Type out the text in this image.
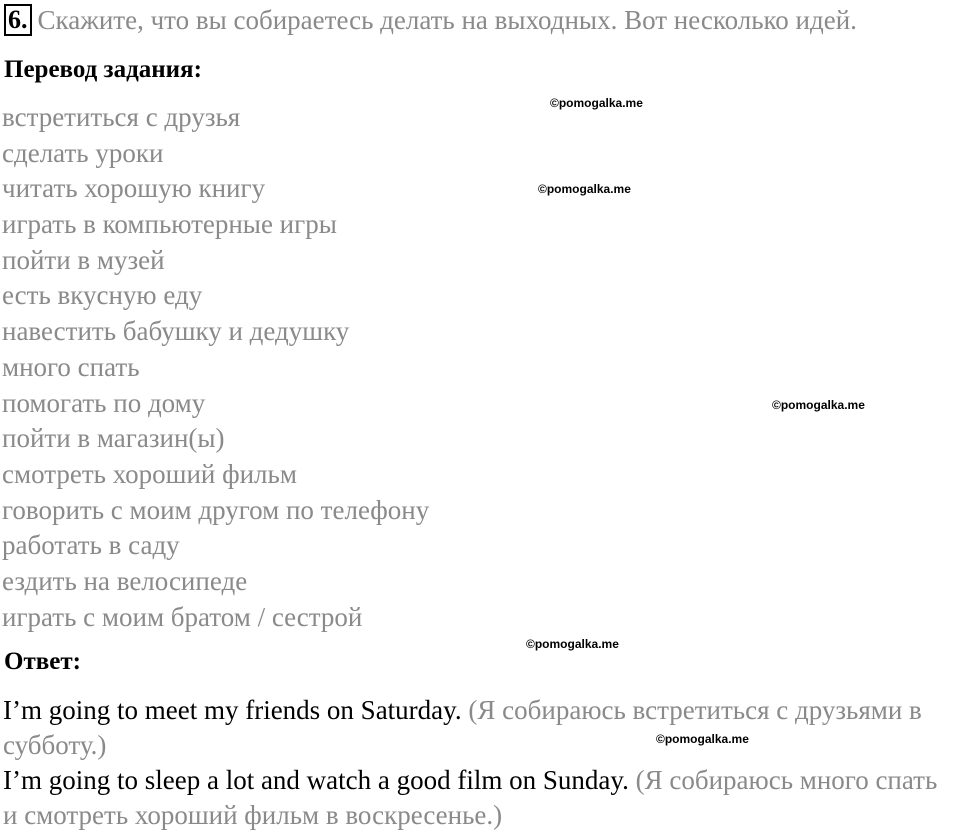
6. Скажите, что вы собираетесь делать на выходных. Вот несколько идей.
Перевод задания:
встретиться с друзья
сделать уроки
читать хорошую книгу
играть в компьютерные игры
пойти в музей
есть вкусную еду
навестить бабушку и дедушку
много спать
помогать по дому
пойти в магазин(ы)
смотреть хороший фильм
говорить с моим другом по телефону
работать в саду
ездить на велосипеде
играть с моим братом / сестрой
Ответ:
I’m going to meet my friends on Saturday. (Я собираюсь встретиться с друзьями в субботу.)
I’m going to sleep a lot and watch a good film on Sunday. (Я собираюсь много спать и смотреть хороший фильм в воскресенье.)
©pomogalka.me
©pomogalka.me
©pomogalka.me
©pomogalka.me
©pomogalka.me
